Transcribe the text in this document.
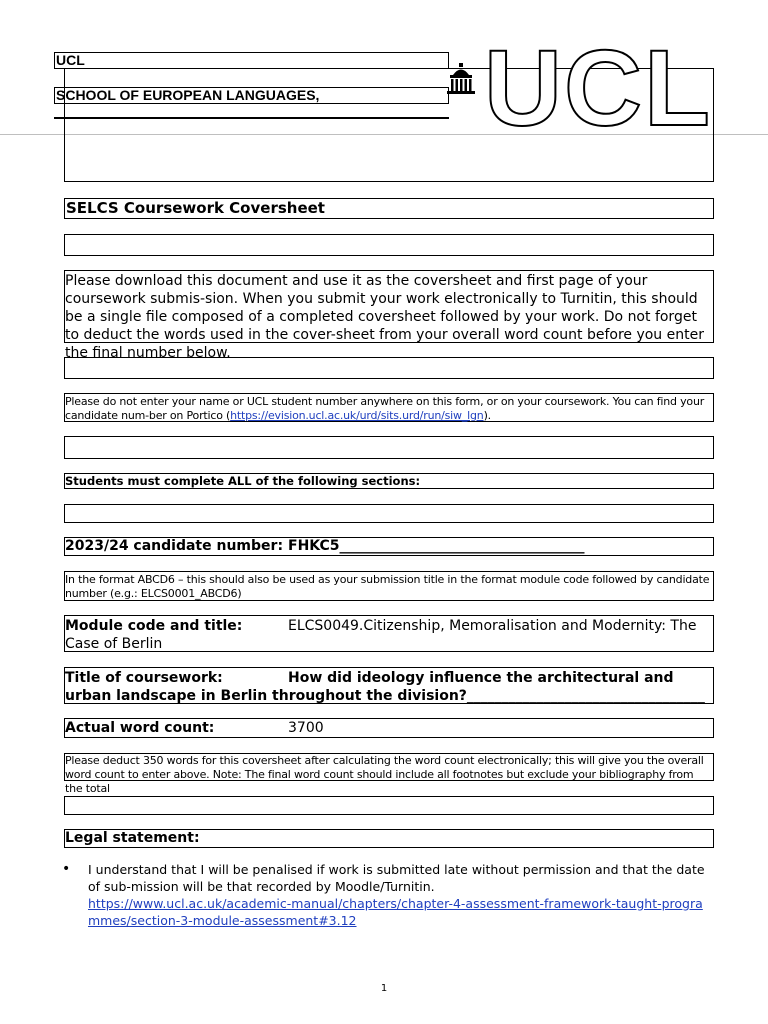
UCL
SCHOOL OF EUROPEAN LANGUAGES,	UCL
SELCS Coursework Coversheet
Please download this document and use it as the coversheet and first page of your coursework submis-sion. When you submit your work electronically to Turnitin, this should be a single file composed of a completed coversheet followed by your work. Do not forget to deduct the words used in the cover-sheet from your overall word count before you enter the final number below.
Please do not enter your name or UCL student number anywhere on this form, or on your coursework. You can find your candidate num-ber on Portico (https://evision.ucl.ac.uk/urd/sits.urd/run/siw_lgn).
Students must complete ALL of the following sections:
2023/24 candidate number: FHKC5___________________________________
In the format ABCD6 – this should also be used as your submission title in the format module code followed by candidate number (e.g.: ELCS0001_ABCD6)
Module code and title:	ELCS0049.Citizenship, Memoralisation and Modernity: The Case of Berlin
Title of coursework:	How did ideology influence the architectural and urban landscape in Berlin throughout the division?__________________________________
Actual word count:	3700
Please deduct 350 words for this coversheet after calculating the word count electronically; this will give you the overall word count to enter above. Note: The final word count should include all footnotes but exclude your bibliography from the total
Legal statement:
•	I understand that I will be penalised if work is submitted late without permission and that the date of sub-mission will be that recorded by Moodle/Turnitin.
https://www.ucl.ac.uk/academic-manual/chapters/chapter-4-assessment-framework-taught-programmes/section-3-module-assessment#3.12
1
